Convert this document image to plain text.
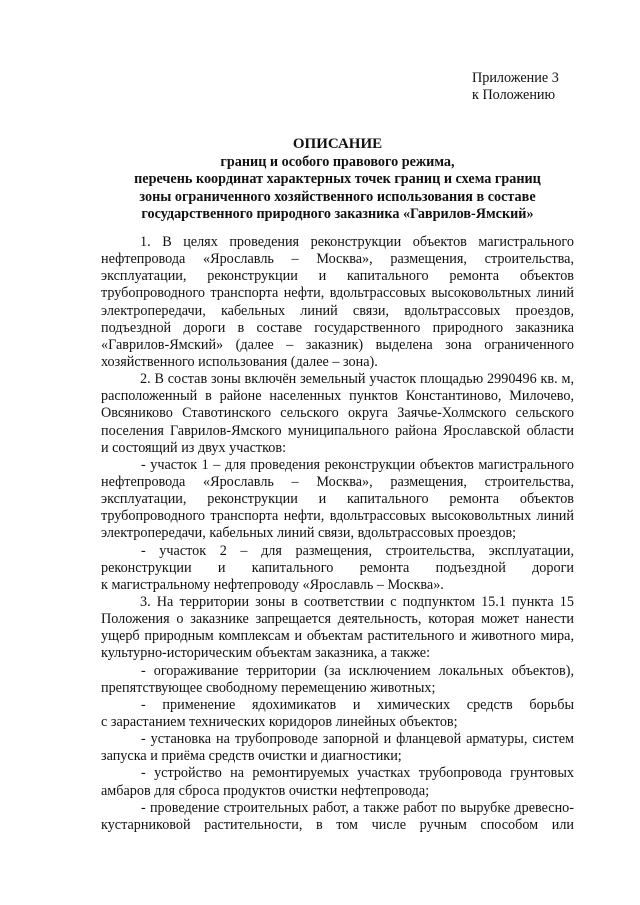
Приложение 3
к Положению
ОПИСАНИЕ
границ и особого правового режима,
перечень координат характерных точек границ и схема границ
зоны ограниченного хозяйственного использования в составе
государственного природного заказника «Гаврилов-Ямский»
1. В целях проведения реконструкции объектов магистрального
нефтепровода «Ярославль – Москва», размещения, строительства,
эксплуатации, реконструкции и капитального ремонта объектов
трубопроводного транспорта нефти, вдольтрассовых высоковольтных линий
электропередачи, кабельных линий связи, вдольтрассовых проездов,
подъездной дороги в составе государственного природного заказника
«Гаврилов-Ямский» (далее – заказник) выделена зона ограниченного
хозяйственного использования (далее – зона).
2. В состав зоны включён земельный участок площадью 2990496 кв. м,
расположенный в районе населенных пунктов Константиново, Милочево,
Овсяниково Ставотинского сельского округа Заячье-Холмского сельского
поселения Гаврилов-Ямского муниципального района Ярославской области
и состоящий из двух участков:
- участок 1 – для проведения реконструкции объектов магистрального
нефтепровода «Ярославль – Москва», размещения, строительства,
эксплуатации, реконструкции и капитального ремонта объектов
трубопроводного транспорта нефти, вдольтрассовых высоковольтных линий
электропередачи, кабельных линий связи, вдольтрассовых проездов;
- участок 2 – для размещения, строительства, эксплуатации,
реконструкции и капитального ремонта подъездной дороги
к магистральному нефтепроводу «Ярославль – Москва».
3. На территории зоны в соответствии с подпунктом 15.1 пункта 15
Положения о заказнике запрещается деятельность, которая может нанести
ущерб природным комплексам и объектам растительного и животного мира,
культурно-историческим объектам заказника, а также:
- огораживание территории (за исключением локальных объектов),
препятствующее свободному перемещению животных;
- применение ядохимикатов и химических средств борьбы
с зарастанием технических коридоров линейных объектов;
- установка на трубопроводе запорной и фланцевой арматуры, систем
запуска и приёма средств очистки и диагностики;
- устройство на ремонтируемых участках трубопровода грунтовых
амбаров для сброса продуктов очистки нефтепровода;
- проведение строительных работ, а также работ по вырубке древесно-
кустарниковой растительности, в том числе ручным способом или
